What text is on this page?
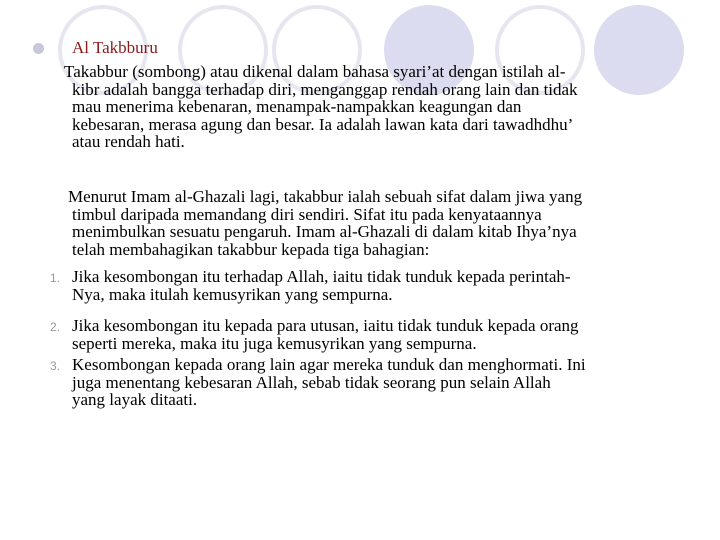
Al Takbburu
Takabbur (sombong) atau dikenal dalam bahasa syari’at dengan istilah al-
kibr adalah bangga terhadap diri, menganggap rendah orang lain dan tidak
mau menerima kebenaran, menampak-nampakkan keagungan dan
kebesaran, merasa agung dan besar. Ia adalah lawan kata dari tawadhdhu’
atau rendah hati.
Menurut Imam al-Ghazali lagi, takabbur ialah sebuah sifat dalam jiwa yang
timbul daripada memandang diri sendiri. Sifat itu pada kenyataannya
menimbulkan sesuatu pengaruh. Imam al-Ghazali di dalam kitab Ihya’nya
telah membahagikan takabbur kepada tiga bahagian:
1. Jika kesombongan itu terhadap Allah, iaitu tidak tunduk kepada perintah-
Nya, maka itulah kemusyrikan yang sempurna.
2. Jika kesombongan itu kepada para utusan, iaitu tidak tunduk kepada orang
seperti mereka, maka itu juga kemusyrikan yang sempurna.
3. Kesombongan kepada orang lain agar mereka tunduk dan menghormati. Ini
juga menentang kebesaran Allah, sebab tidak seorang pun selain Allah
yang layak ditaati.
